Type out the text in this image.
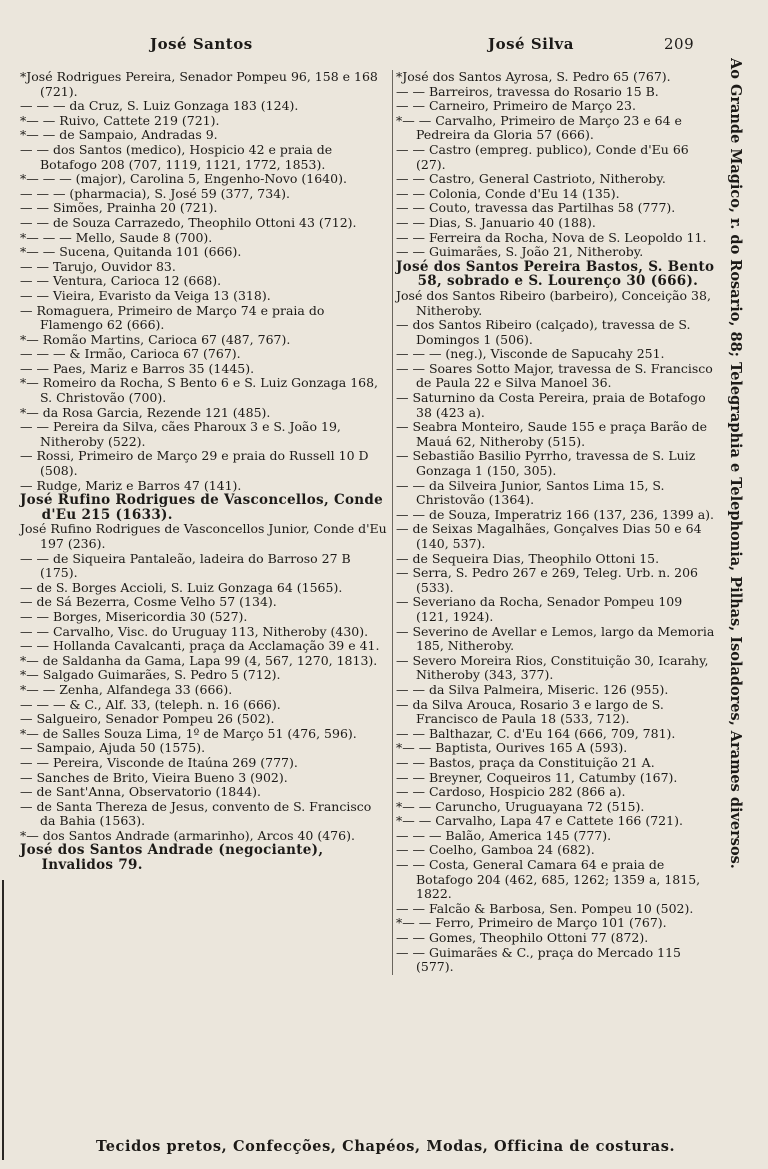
José Santos	José Silva	209

*José Rodrigues Pereira, Senador Pompeu 96, 158 e 168 (721).

— — — da Cruz, S. Luiz Gonzaga 183 (124).

*— — Ruivo, Cattete 219 (721).

*— — de Sampaio, Andradas 9.

— — dos Santos (medico), Hospicio 42 e praia de Botafogo 208 (707, 1119, 1121, 1772, 1853).

*— — — (major), Carolina 5, Engenho-Novo (1640).

— — — (pharmacia), S. José 59 (377, 734).

— — Simões, Prainha 20 (721).

— — de Souza Carrazedo, Theophilo Ottoni 43 (712).

*— — — Mello, Saude 8 (700).

*— — Sucena, Quitanda 101 (666).

— — Tarujo, Ouvidor 83.

— — Ventura, Carioca 12 (668).

— — Vieira, Evaristo da Veiga 13 (318).

— Romaguera, Primeiro de Março 74 e praia do Flamengo 62 (666).

*— Romão Martins, Carioca 67 (487, 767).

— — — & Irmão, Carioca 67 (767).

— — Paes, Mariz e Barros 35 (1445).

*— Romeiro da Rocha, S Bento 6 e S. Luiz Gonzaga 168, S. Christovão (700).

*— da Rosa Garcia, Rezende 121 (485).

— — Pereira da Silva, cães Pharoux 3 e S. João 19, Nitheroby (522).

— Rossi, Primeiro de Março 29 e praia do Russell 10 D (508).

— Rudge, Mariz e Barros 47 (141).

José Rufino Rodrigues de Vasconcellos, Conde d'Eu 215 (1633).

José Rufino Rodrigues de Vasconcellos Junior, Conde d'Eu 197 (236).

— — de Siqueira Pantaleão, ladeira do Barroso 27 B (175).

— de S. Borges Accioli, S. Luiz Gonzaga 64 (1565).

— de Sá Bezerra, Cosme Velho 57 (134).

— — Borges, Misericordia 30 (527).

— — Carvalho, Visc. do Uruguay 113, Nitheroby (430).

— — Hollanda Cavalcanti, praça da Acclamação 39 e 41.

*— de Saldanha da Gama, Lapa 99 (4, 567, 1270, 1813).

*— Salgado Guimarães, S. Pedro 5 (712).

*— — Zenha, Alfandega 33 (666).

— — — & C., Alf. 33, (teleph. n. 16 (666).

— Salgueiro, Senador Pompeu 26 (502).

*— de Salles Souza Lima, 1º de Março 51 (476, 596).

— Sampaio, Ajuda 50 (1575).

— — Pereira, Visconde de Itaúna 269 (777).

— Sanches de Brito, Vieira Bueno 3 (902).

— de Sant'Anna, Observatorio (1844).

— de Santa Thereza de Jesus, convento de S. Francisco da Bahia (1563).

*— dos Santos Andrade (armarinho), Arcos 40 (476).

José dos Santos Andrade (negociante), Invalidos 79.

*José dos Santos Ayrosa, S. Pedro 65 (767).

— — Barreiros, travessa do Rosario 15 B.

— — Carneiro, Primeiro de Março 23.

*— — Carvalho, Primeiro de Março 23 e 64 e Pedreira da Gloria 57 (666).

— — Castro (empreg. publico), Conde d'Eu 66 (27).

— — Castro, General Castrioto, Nitheroby.

— — Colonia, Conde d'Eu 14 (135).

— — Couto, travessa das Partilhas 58 (777).

— — Dias, S. Januario 40 (188).

— — Ferreira da Rocha, Nova de S. Leopoldo 11.

— — Guimarães, S. João 21, Nitheroby.

José dos Santos Pereira Bastos, S. Bento 58, sobrado e S. Lourenço 30 (666).

José dos Santos Ribeiro (barbeiro), Conceição 38, Nitheroby.

— dos Santos Ribeiro (calçado), travessa de S. Domingos 1 (506).

— — — (neg.), Visconde de Sapucahy 251.

— — Soares Sotto Major, travessa de S. Francisco de Paula 22 e Silva Manoel 36.

— Saturnino da Costa Pereira, praia de Botafogo 38 (423 a).

— Seabra Monteiro, Saude 155 e praça Barão de Mauá 62, Nitheroby (515).

— Sebastião Basilio Pyrrho, travessa de S. Luiz Gonzaga 1 (150, 305).

— — da Silveira Junior, Santos Lima 15, S. Christovão (1364).

— — de Souza, Imperatriz 166 (137, 236, 1399 a).

— de Seixas Magalhães, Gonçalves Dias 50 e 64 (140, 537).

— de Sequeira Dias, Theophilo Ottoni 15.

— Serra, S. Pedro 267 e 269, Teleg. Urb. n. 206 (533).

— Severiano da Rocha, Senador Pompeu 109 (121, 1924).

— Severino de Avellar e Lemos, largo da Memoria 185, Nitheroby.

— Severo Moreira Rios, Constituição 30, Icarahy, Nitheroby (343, 377).

— — da Silva Palmeira, Miseric. 126 (955).

— da Silva Arouca, Rosario 3 e largo de S. Francisco de Paula 18 (533, 712).

— — Balthazar, C. d'Eu 164 (666, 709, 781).

*— — Baptista, Ourives 165 A (593).

— — Bastos, praça da Constituição 21 A.

— — Breyner, Coqueiros 11, Catumby (167).

— — Cardoso, Hospicio 282 (866 a).

*— — Caruncho, Uruguayana 72 (515).

*— — Carvalho, Lapa 47 e Cattete 166 (721).

— — — Balão, America 145 (777).

— — Coelho, Gamboa 24 (682).

— — Costa, General Camara 64 e praia de Botafogo 204 (462, 685, 1262; 1359 a, 1815, 1822.

— — Falcão & Barbosa, Sen. Pompeu 10 (502).

*— — Ferro, Primeiro de Março 101 (767).

— — Gomes, Theophilo Ottoni 77 (872).

— — Guimarães & C., praça do Mercado 115 (577).

Ao Grande Magico, r. do Rosario, 88; Telegraphia e Telephonia, Pilhas, Isoladores, Arames diversos.
Tecidos pretos, Confecções, Chapéos, Modas, Officina de costuras.
